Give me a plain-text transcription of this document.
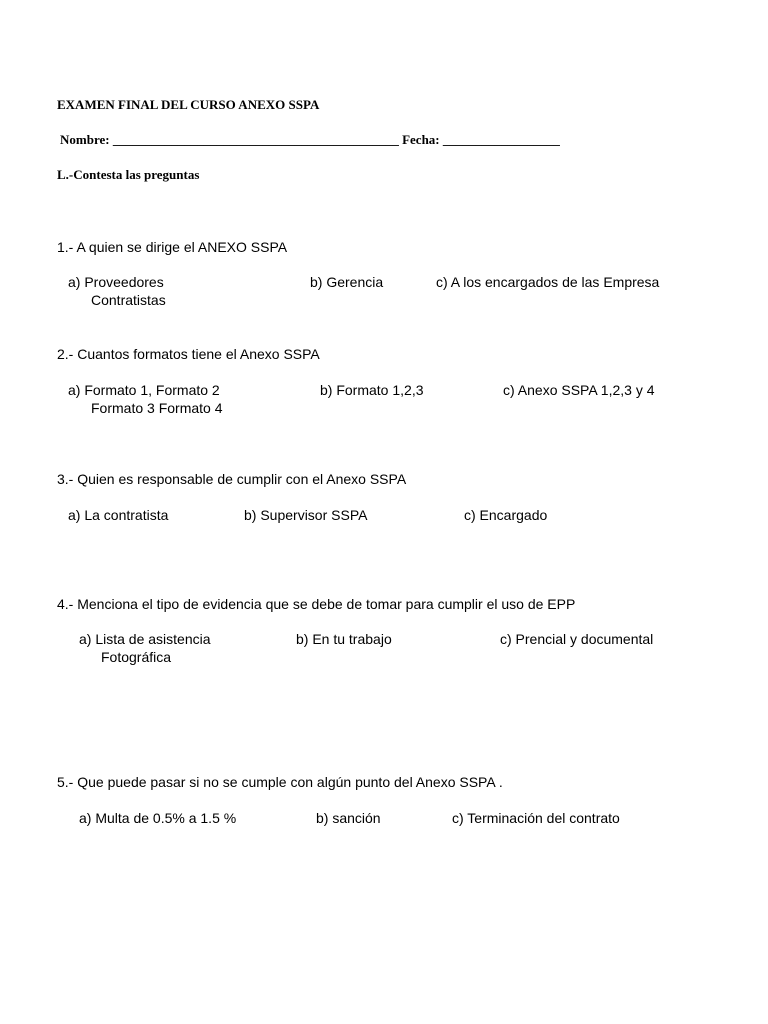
EXAMEN FINAL DEL CURSO ANEXO SSPA
Nombre: ____________________________________________ Fecha: __________________
L.-Contesta las preguntas
1.- A quien se dirige el ANEXO SSPA
a) Proveedores	b) Gerencia	c) A los encargados de las Empresa
Contratistas
2.- Cuantos formatos tiene el Anexo SSPA
a) Formato 1, Formato 2	b) Formato 1,2,3	c) Anexo SSPA 1,2,3 y 4
Formato 3 Formato 4
3.- Quien es responsable de cumplir con el Anexo SSPA
a) La contratista	b) Supervisor SSPA	c) Encargado
4.- Menciona el tipo de evidencia que se debe de tomar para cumplir el uso de EPP
a) Lista de asistencia	b) En tu trabajo	c) Prencial y documental
Fotográfica
5.- Que puede pasar si no se cumple con algún punto del Anexo SSPA .
a) Multa de 0.5% a 1.5 %	b) sanción	c) Terminación del contrato
